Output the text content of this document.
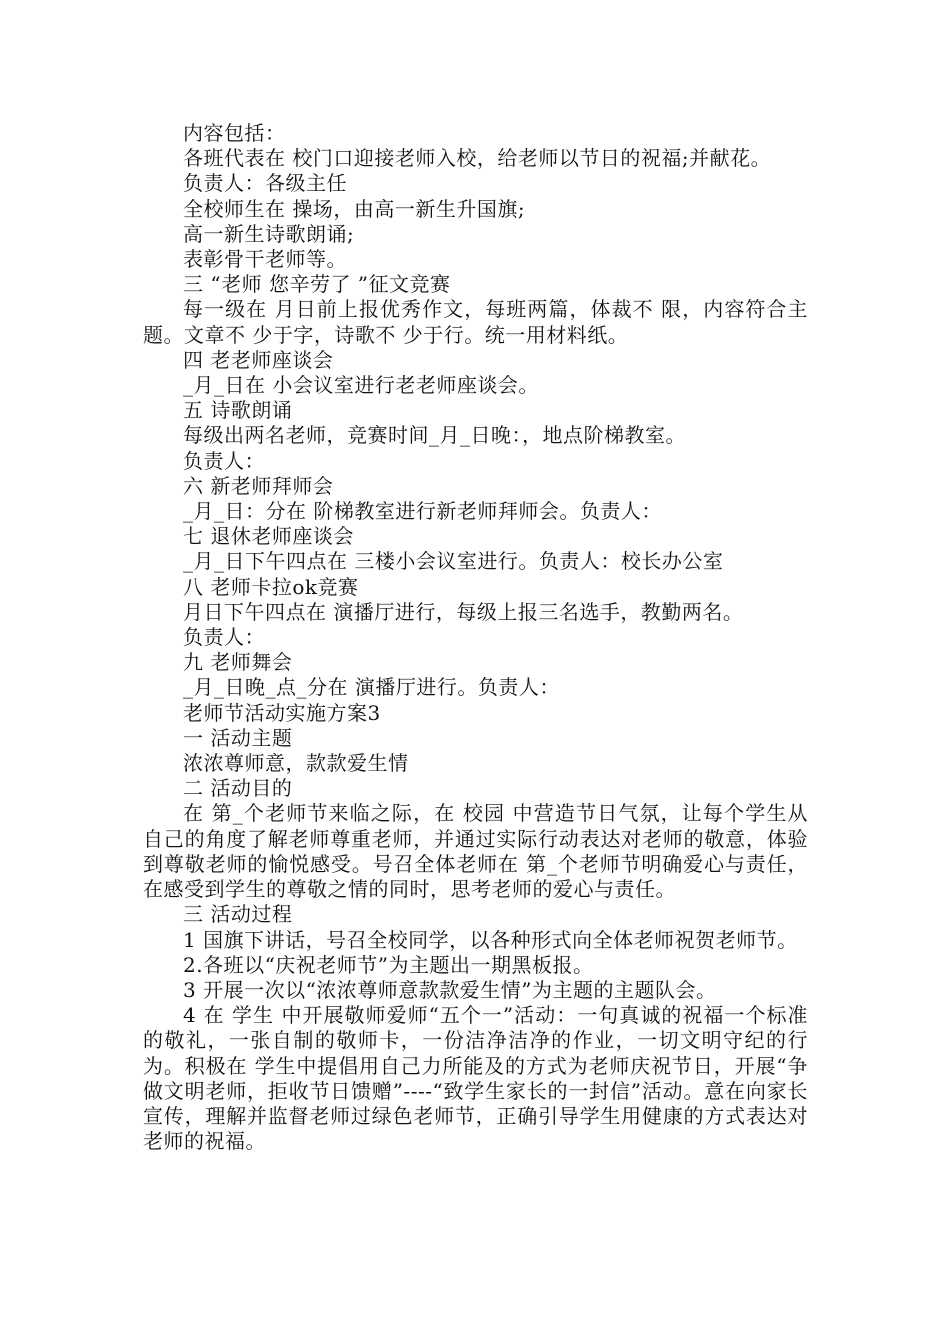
内容包括：

各班代表在 校门口迎接老师入校，给老师以节日的祝福;并献花。

负责人：各级主任

全校师生在 操场，由高一新生升国旗;

高一新生诗歌朗诵;

表彰骨干老师等。

三 “老师 您辛劳了 ”征文竞赛

每一级在 月日前上报优秀作文，每班两篇，体裁不 限，内容符合主题。文章不 少于字，诗歌不 少于行。统一用材料纸。

四 老老师座谈会

_月_日在 小会议室进行老老师座谈会。

五 诗歌朗诵

每级出两名老师，竞赛时间_月_日晚：，地点阶梯教室。

负责人：

六 新老师拜师会

_月_日：分在 阶梯教室进行新老师拜师会。负责人：

七 退休老师座谈会

_月_日下午四点在 三楼小会议室进行。负责人：校长办公室

八 老师卡拉ok竞赛

月日下午四点在 演播厅进行，每级上报三名选手，教勤两名。

负责人：

九 老师舞会

_月_日晚_点_分在 演播厅进行。负责人：

老师节活动实施方案3

一 活动主题

浓浓尊师意，款款爱生情

二 活动目的

在 第_个老师节来临之际，在 校园 中营造节日气氛，让每个学生从自己的角度了解老师尊重老师，并通过实际行动表达对老师的敬意，体验到尊敬老师的愉悦感受。号召全体老师在 第_个老师节明确爱心与责任，在感受到学生的尊敬之情的同时，思考老师的爱心与责任。

三 活动过程

1 国旗下讲话，号召全校同学，以各种形式向全体老师祝贺老师节。

2.各班以“庆祝老师节”为主题出一期黑板报。

3 开展一次以“浓浓尊师意款款爱生情”为主题的主题队会。

4 在 学生 中开展敬师爱师“五个一”活动：一句真诚的祝福一个标准的敬礼，一张自制的敬师卡，一份洁净洁净的作业，一切文明守纪的行为。积极在 学生中提倡用自己力所能及的方式为老师庆祝节日，开展“争做文明老师，拒收节日馈赠”----“致学生家长的一封信”活动。意在向家长宣传，理解并监督老师过绿色老师节，正确引导学生用健康的方式表达对老师的祝福。
